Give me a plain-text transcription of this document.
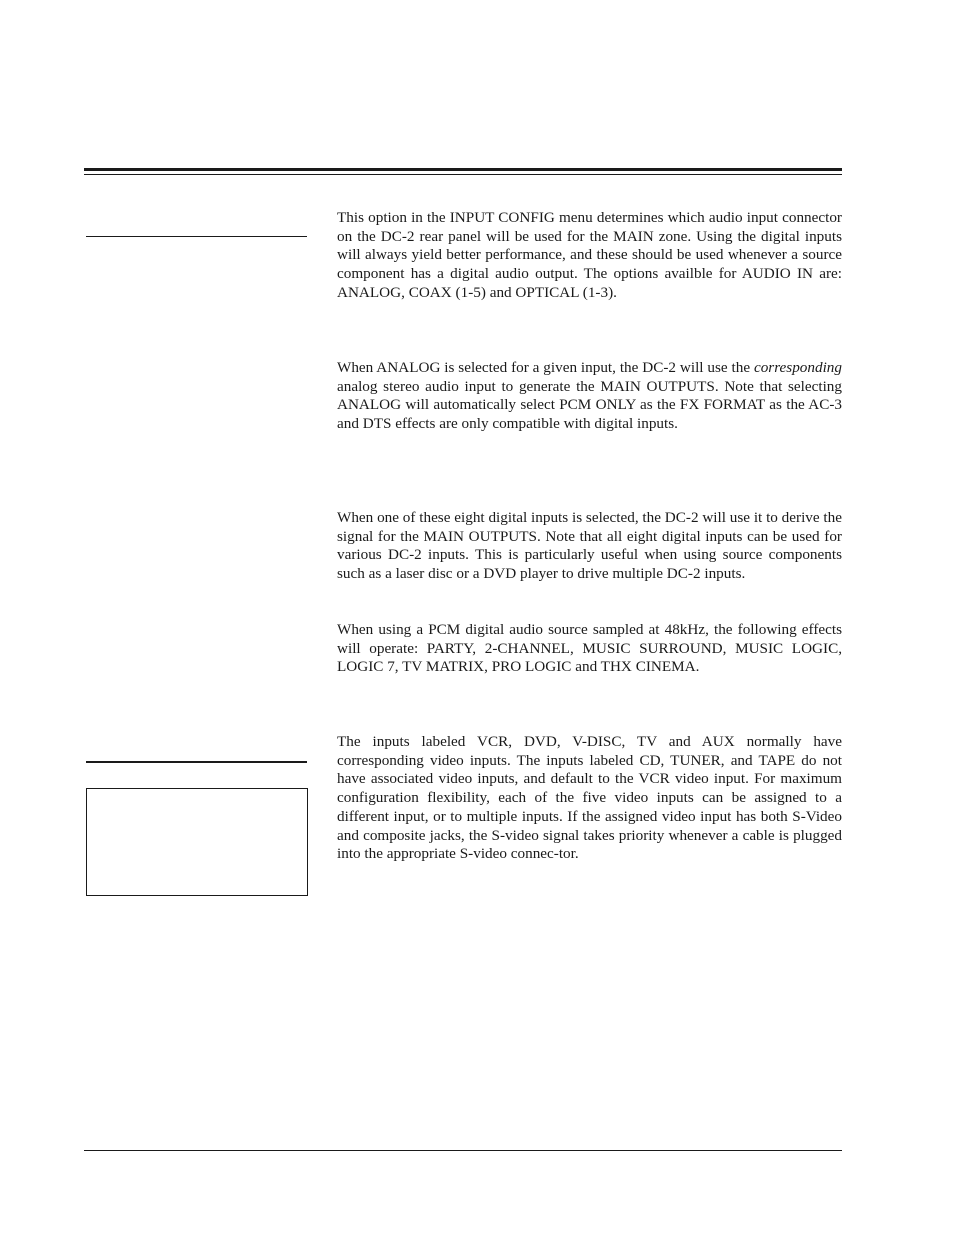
This option in the INPUT CONFIG menu determines which audio input connector on the DC-2 rear panel will be used for the MAIN zone. Using the digital inputs will always yield better performance, and these should be used whenever a source component has a digital audio output. The options availble for AUDIO IN are: ANALOG, COAX (1-5) and OPTICAL (1-3).

When ANALOG is selected for a given input, the DC-2 will use the corresponding analog stereo audio input to generate the MAIN OUTPUTS. Note that selecting ANALOG will automatically select PCM ONLY as the FX FORMAT as the AC-3 and DTS effects are only compatible with digital inputs.

When one of these eight digital inputs is selected, the DC-2 will use it to derive the signal for the MAIN OUTPUTS. Note that all eight digital inputs can be used for various DC-2 inputs. This is particularly useful when using source components such as a laser disc or a DVD player to drive multiple DC-2 inputs.

When using a PCM digital audio source sampled at 48kHz, the following effects will operate: PARTY, 2-CHANNEL, MUSIC SURROUND, MUSIC LOGIC, LOGIC 7, TV MATRIX, PRO LOGIC and THX CINEMA.

The inputs labeled VCR, DVD, V-DISC, TV and AUX normally have corresponding video inputs. The inputs labeled CD, TUNER, and TAPE do not have associated video inputs, and default to the VCR video input. For maximum configuration flexibility, each of the five video inputs can be assigned to a different input, or to multiple inputs. If the assigned video input has both S-Video and composite jacks, the S-video signal takes priority whenever a cable is plugged into the appropriate S-video connec-tor.
